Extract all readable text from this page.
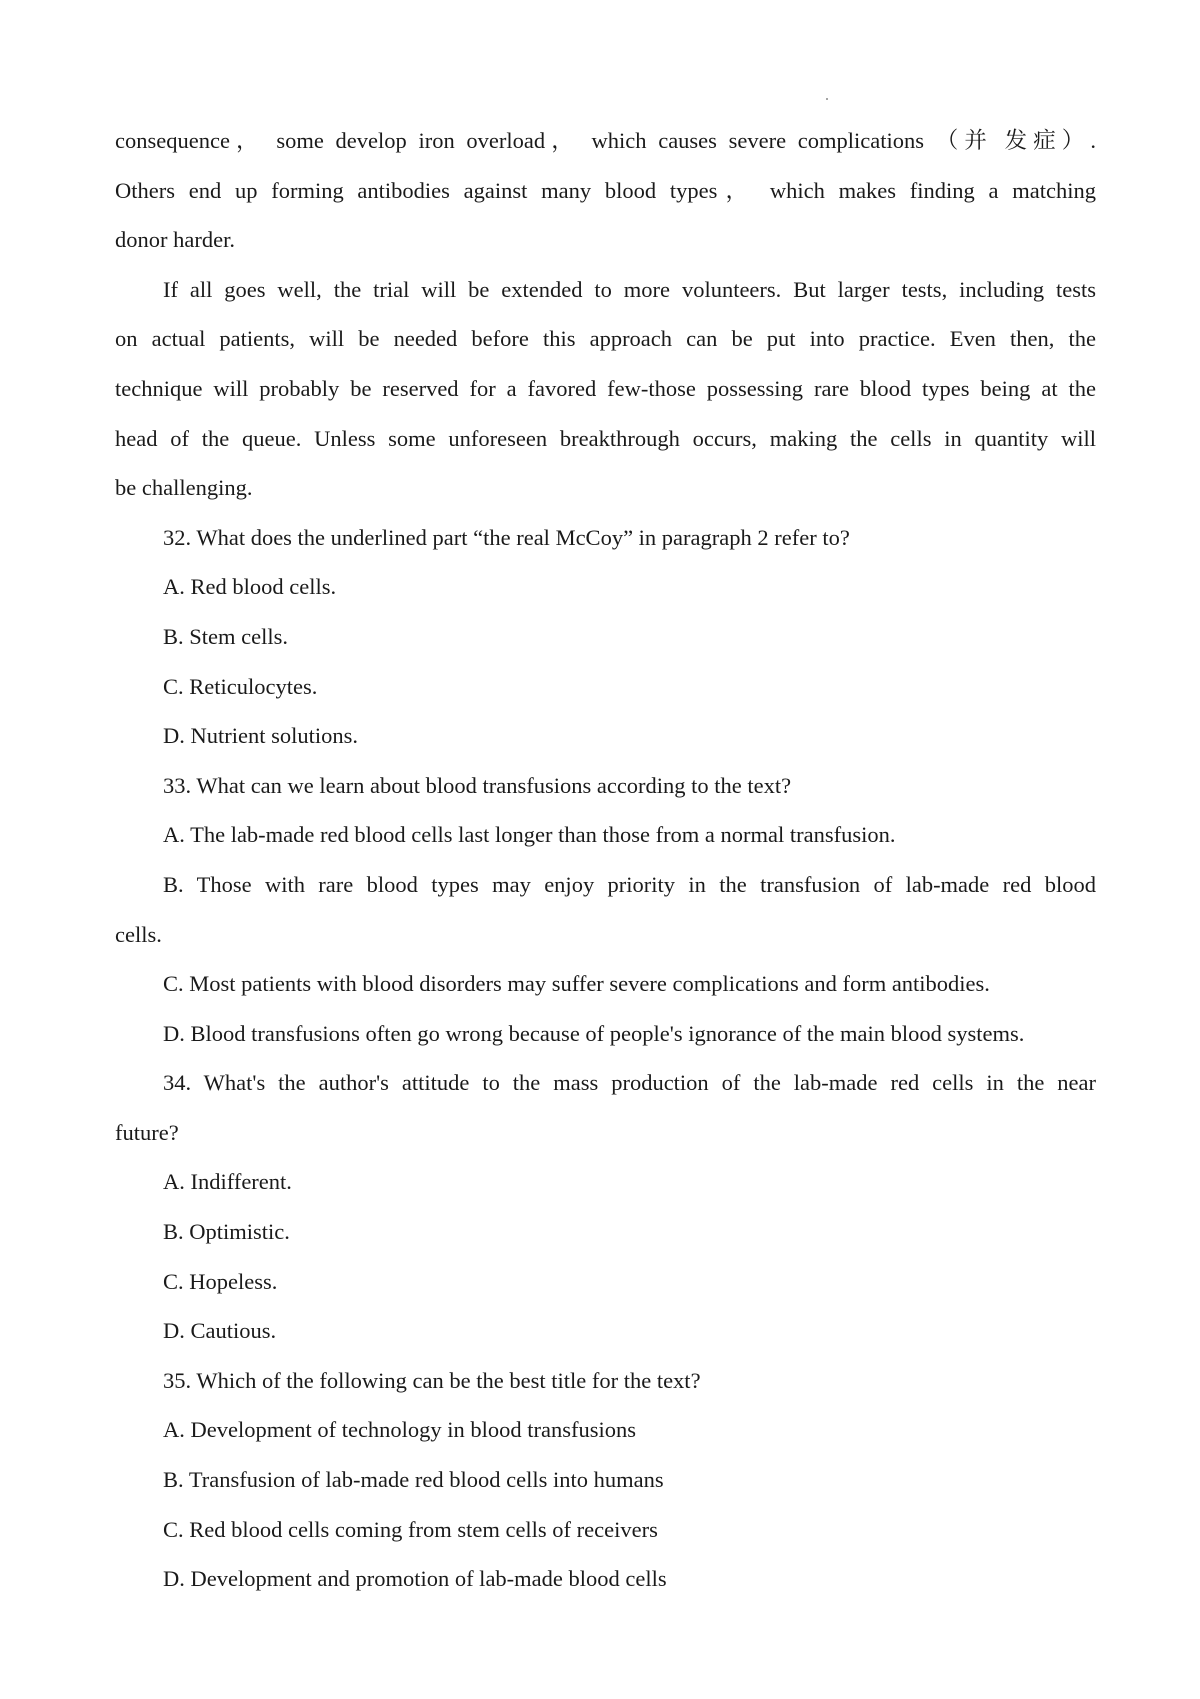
consequence， some develop iron overload， which causes severe complications （并 发症）.
Others end up forming antibodies against many blood types， which makes finding a matching
donor harder.
If all goes well, the trial will be extended to more volunteers. But larger tests, including tests
on actual patients, will be needed before this approach can be put into practice. Even then, the
technique will probably be reserved for a favored few-those possessing rare blood types being at the
head of the queue. Unless some unforeseen breakthrough occurs, making the cells in quantity will
be challenging.

32. What does the underlined part “the real McCoy” in paragraph 2 refer to?

A. Red blood cells.

B. Stem cells.

C. Reticulocytes.

D. Nutrient solutions.

33. What can we learn about blood transfusions according to the text?

A. The lab-made red blood cells last longer than those from a normal transfusion.

B. Those with rare blood types may enjoy priority in the transfusion of lab-made red blood
cells.

C. Most patients with blood disorders may suffer severe complications and form antibodies.

D. Blood transfusions often go wrong because of people's ignorance of the main blood systems.

34. What's the author's attitude to the mass production of the lab-made red cells in the near
future?

A. Indifferent.

B. Optimistic.

C. Hopeless.

D. Cautious.

35. Which of the following can be the best title for the text?

A. Development of technology in blood transfusions

B. Transfusion of lab-made red blood cells into humans

C. Red blood cells coming from stem cells of receivers

D. Development and promotion of lab-made blood cells
